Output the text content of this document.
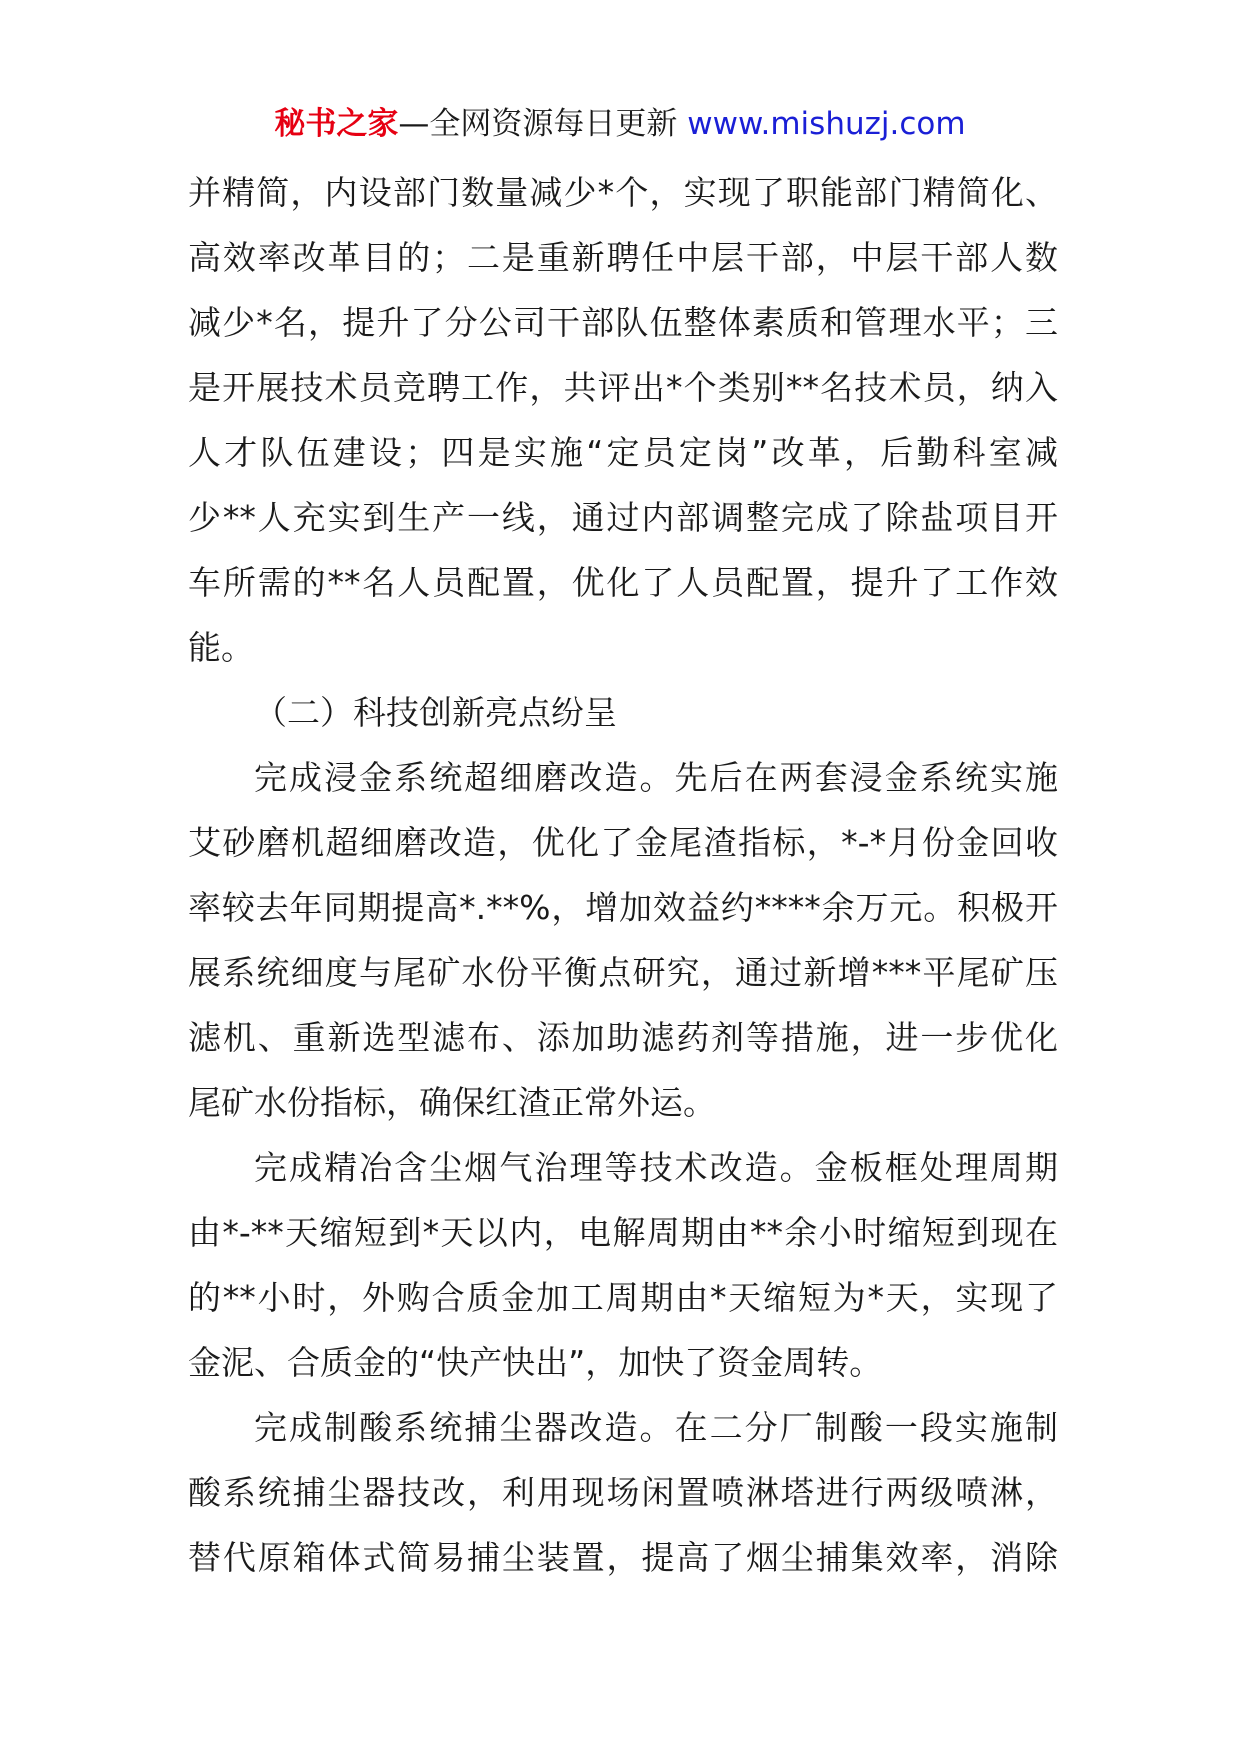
秘书之家—全网资源每日更新 www.mishuzj.com
并精简，内设部门数量减少*个，实现了职能部门精简化、
高效率改革目的；二是重新聘任中层干部，中层干部人数
减少*名，提升了分公司干部队伍整体素质和管理水平；三
是开展技术员竞聘工作，共评出*个类别**名技术员，纳入
人才队伍建设；四是实施“定员定岗”改革，后勤科室减
少**人充实到生产一线，通过内部调整完成了除盐项目开
车所需的**名人员配置，优化了人员配置，提升了工作效
能。
（二）科技创新亮点纷呈
完成浸金系统超细磨改造。先后在两套浸金系统实施
艾砂磨机超细磨改造，优化了金尾渣指标，*-*月份金回收
率较去年同期提高*.**%，增加效益约****余万元。积极开
展系统细度与尾矿水份平衡点研究，通过新增***平尾矿压
滤机、重新选型滤布、添加助滤药剂等措施，进一步优化
尾矿水份指标，确保红渣正常外运。
完成精冶含尘烟气治理等技术改造。金板框处理周期
由*-**天缩短到*天以内，电解周期由**余小时缩短到现在
的**小时，外购合质金加工周期由*天缩短为*天，实现了
金泥、合质金的“快产快出”，加快了资金周转。
完成制酸系统捕尘器改造。在二分厂制酸一段实施制
酸系统捕尘器技改，利用现场闲置喷淋塔进行两级喷淋，
替代原箱体式简易捕尘装置，提高了烟尘捕集效率，消除
